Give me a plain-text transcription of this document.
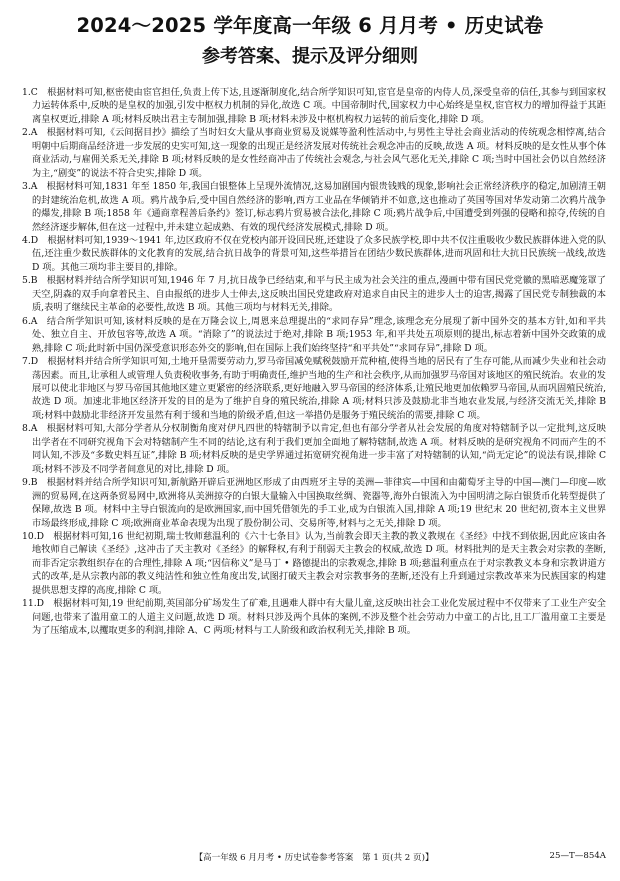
2024～2025 学年度高一年级 6 月月考 • 历史试卷
参考答案、提示及评分细则

1.C  根据材料可知,枢密使由宦官担任,负责上传下达,且逐渐制度化,结合所学知识可知,宦官是皇帝的内侍人员,深受皇帝的信任,其参与到国家权力运转体系中,反映的是皇权的加强,引发中枢权力机制的异化,故选 C 项。中国帝制时代,国家权力中心始终是皇权,宦官权力的增加得益于其距离皇权更近,排除 A 项;材料反映出君主专制加强,排除 B 项;材料未涉及中枢机构权力运转的前后变化,排除 D 项。

2.A  根据材料可知,《云间据目抄》描绘了当时妇女大量从事商业贸易及说媒等盈利性活动中,与男性主导社会商业活动的传统观念相悖离,结合明朝中后期商品经济进一步发展的史实可知,这一现象的出现正是经济发展对传统社会观念冲击的反映,故选 A 项。材料反映的是女性从事个体商业活动,与雇佣关系无关,排除 B 项;材料反映的是女性经商冲击了传统社会观念,与社会风气恶化无关,排除 C 项;当时中国社会仍以自然经济为主,“剧变”的说法不符合史实,排除 D 项。

3.A  根据材料可知,1831 年至 1850 年,我国白银整体上呈现外流情况,这易加剧国内银贵钱贱的现象,影响社会正常经济秩序的稳定,加剧清王朝的封建统治危机,故选 A 项。鸦片战争后,受中国自然经济的影响,西方工业品在华倾销并不如意,这也推动了英国等国对华发动第二次鸦片战争的爆发,排除 B 项;1858 年《通商章程善后条约》签订,标志鸦片贸易被合法化,排除 C 项;鸦片战争后,中国遭受到列强的侵略和掠夺,传统的自然经济逐步解体,但在这一过程中,并未建立起成熟、有效的现代经济发展模式,排除 D 项。

4.D  根据材料可知,1939～1941 年,边区政府不仅在党校内部开设回民班,还建设了众多民族学校,即中共不仅注重吸收少数民族群体进入党的队伍,还注重少数民族群体的文化教育的发展,结合抗日战争的背景可知,这些举措旨在团结少数民族群体,进而巩固和壮大抗日民族统一战线,故选 D 项。其他三项均非主要目的,排除。

5.B  根据材料并结合所学知识可知,1946 年 7 月,抗日战争已经结束,和平与民主成为社会关注的重点,漫画中带有国民党党徽的黑暗恶魔笼罩了天空,阴森的双手向拿着民主、自由报纸的进步人士伸去,这反映出国民党建政府对追求自由民主的进步人士的迫害,揭露了国民党专制独裁的本质,表明了继续民主革命的必要性,故选 B 项。其他三项均与材料无关,排除。

6.A  结合所学知识可知,该材料反映的是在万隆会议上,周恩来总理提出的“求同存异”理念,该理念充分展现了新中国外交的基本方针,如和平共处、独立自主、开放包容等,故选 A 项。“消除了”的说法过于绝对,排除 B 项;1953 年,和平共处五项原则的提出,标志着新中国外交政策的成熟,排除 C 项;此时新中国仍深受意识形态外交的影响,但在国际上我们始终坚持“和平共处”“求同存异”,排除 D 项。

7.D  根据材料并结合所学知识可知,土地开垦需要劳动力,罗马帝国减免赋税鼓励开荒种植,使得当地的居民有了生存可能,从而减少失业和社会动荡因素。而且,让承租人或管理人负责税收事务,有助于明确责任,维护当地的生产和社会秩序,从而加强罗马帝国对该地区的殖民统治。农业的发展可以使北非地区与罗马帝国其他地区建立更紧密的经济联系,更好地融入罗马帝国的经济体系,让殖民地更加依赖罗马帝国,从而巩固殖民统治,故选 D 项。加速北非地区经济开发的目的是为了维护自身的殖民统治,排除 A 项;材料只涉及鼓励北非当地农业发展,与经济交流无关,排除 B 项;材料中鼓励北非经济开发虽然有利于缓和当地的阶级矛盾,但这一举措仍是服务于殖民统治的需要,排除 C 项。

8.A  根据材料可知,大部分学者从分权制衡角度对伊凡四世的特辖制予以肯定,但也有部分学者从社会发展的角度对特辖制予以一定批判,这反映出学者在不同研究视角下会对特辖制产生不同的结论,这有利于我们更加全面地了解特辖制,故选 A 项。材料反映的是研究视角不同而产生的不同认知,不涉及“多数史料互证”,排除 B 项;材料反映的是史学界通过拓宽研究视角进一步丰富了对特辖制的认知,“尚无定论”的说法有误,排除 C 项;材料不涉及不同学者间意见的对比,排除 D 项。

9.B  根据材料并结合所学知识可知,新航路开辟后亚洲地区形成了由西班牙主导的美洲—菲律宾—中国和由葡萄牙主导的中国—澳门—印度—欧洲的贸易网,在这两条贸易网中,欧洲将从美洲掠夺的白银大量输入中国换取丝绸、瓷器等,海外白银流入为中国明清之际白银货币化转型提供了保障,故选 B 项。材料中主导白银流向的是欧洲国家,而中国凭借领先的手工业,成为白银流入国,排除 A 项;19 世纪末 20 世纪初,资本主义世界市场最终形成,排除 C 项;欧洲商业革命表现为出现了股份制公司、交易所等,材料与之无关,排除 D 项。

10.D  根据材料可知,16 世纪初期,瑞士牧师慈温利的《六十七条目》认为,当前教会即天主教的教义教规在《圣经》中找不到依据,因此应该由各地牧师自己解读《圣经》,这冲击了天主教对《圣经》的解释权,有利于削弱天主教会的权威,故选 D 项。材料批判的是天主教会对宗教的垄断,而非否定宗教组织存在的合理性,排除 A 项;“因信称义”是马丁 • 路德提出的宗教观念,排除 B 项;慈温利重点在于对宗教教义本身和宗教讲道方式的改革,是从宗教内部的教义纯洁性和独立性角度出发,试图打破天主教会对宗教事务的垄断,还没有上升到通过宗教改革来为民族国家的构建提供思想支撑的高度,排除 C 项。

11.D  根据材料可知,19 世纪前期,英国部分矿场发生了矿难,且遇难人群中有大量儿童,这反映出社会工业化发展过程中不仅带来了工业生产安全问题,也带来了滥用童工的人道主义问题,故选 D 项。材料只涉及两个具体的案例,不涉及整个社会劳动力中童工的占比,且工厂滥用童工主要是为了压缩成本,以攫取更多的利润,排除 A、C 两项;材料与工人阶级和政治权利无关,排除 B 项。

【高一年级 6 月月考 • 历史试卷参考答案　第 1 页(共 2 页)】	25—T—854A
